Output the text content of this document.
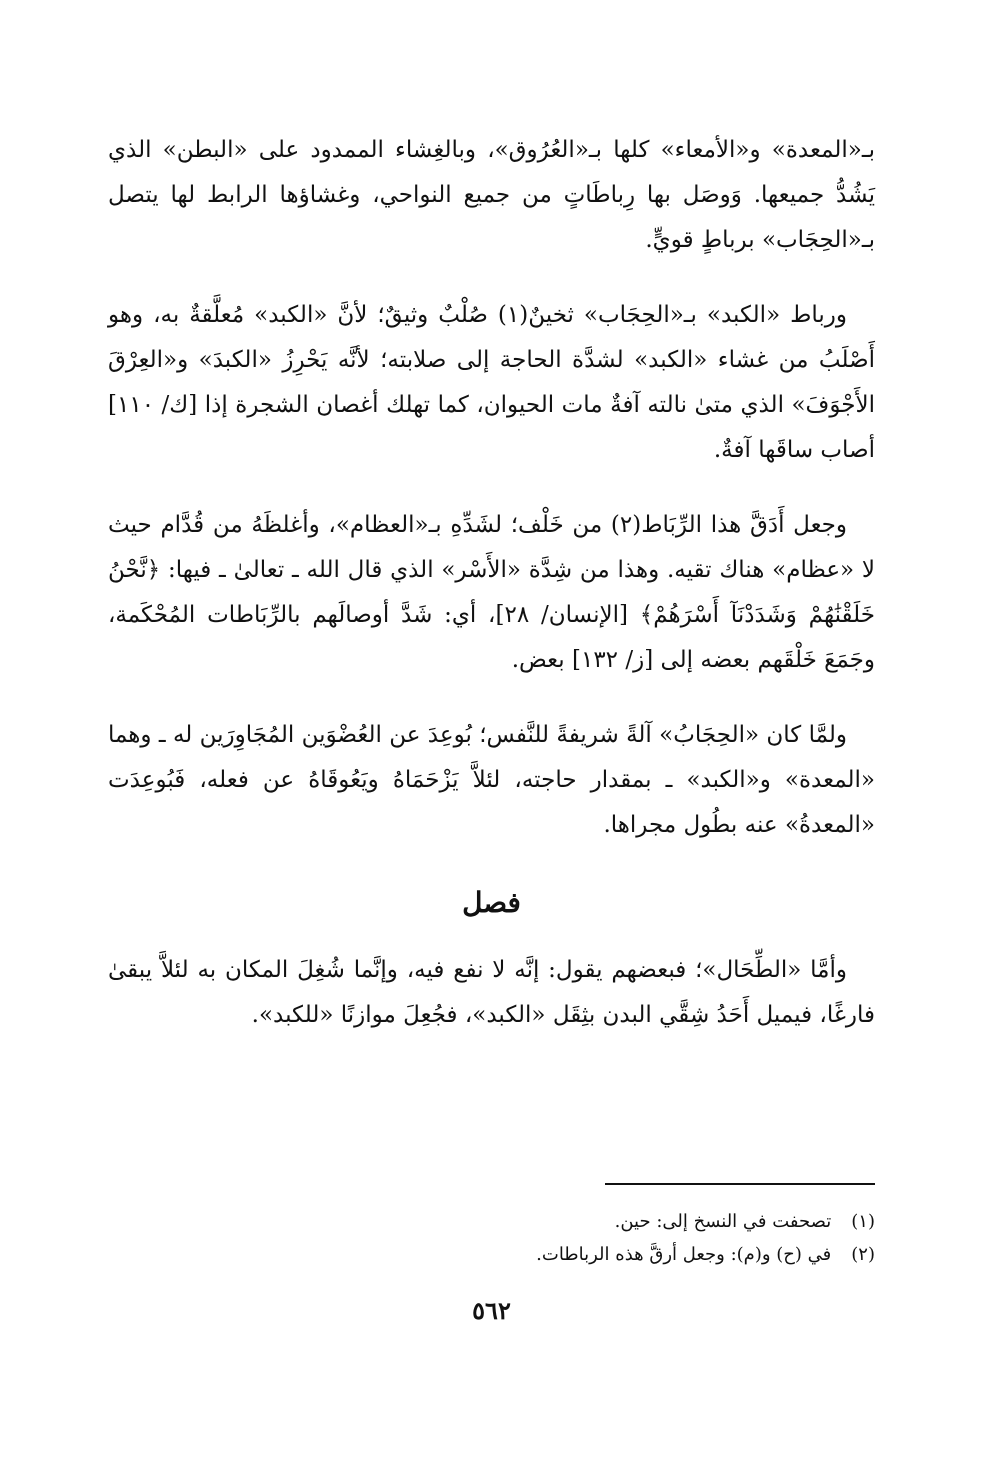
بـ«المعدة» و«الأمعاء» كلها بـ«العُرُوق»، وبالغِشاء الممدود على «البطن» الذي يَشُدُّ جميعها. وَوصَل بها رِباطَاتٍ من جميع النواحي، وغشاؤها الرابط لها يتصل بـ«الحِجَاب» برباطٍ قويٍّ.

ورباط «الكبد» بـ«الحِجَاب» ثخينٌ(١) صُلْبٌ وثيقٌ؛ لأنَّ «الكبد» مُعلَّقةٌ به، وهو أَصْلَبُ من غشاء «الكبد» لشدَّة الحاجة إلى صلابته؛ لأنَّه يَحْرِزُ «الكبدَ» و«العِرْقَ الأَجْوَفَ» الذي متىٰ نالته آفةٌ مات الحيوان، كما تهلك أغصان الشجرة إذا [ك/ ١١٠] أصاب ساقَها آفةٌ.

وجعل أَدَقَّ هذا الرِّبَاط(٢) من خَلْف؛ لشَدِّهِ بـ«العظام»، وأغلظَهُ من قُدَّام حيث لا «عظام» هناك تقيه. وهذا من شِدَّة «الأَسْر» الذي قال الله ـ تعالىٰ ـ فيها: ﴿نَّحْنُ خَلَقْنَٰهُمْ وَشَدَدْنَآ أَسْرَهُمْ﴾ [الإنسان/ ٢٨]، أي: شَدَّ أوصالَهم بالرِّبَاطات المُحْكَمة، وجَمَعَ خَلْقَهم بعضه إلى [ز/ ١٣٢] بعض.

ولمَّا كان «الحِجَابُ» آلةً شريفةً للنَّفس؛ بُوعِدَ عن العُضْوَين المُجَاوِرَين له ـ وهما «المعدة» و«الكبد» ـ بمقدار حاجته، لئلاَّ يَزْحَمَاهُ ويَعُوقَاهُ عن فعله، فَبُوعِدَت «المعدةُ» عنه بطُول مجراها.

فصل

وأمَّا «الطِّحَال»؛ فبعضهم يقول: إنَّه لا نفع فيه، وإنَّما شُغِلَ المكان به لئلاَّ يبقىٰ فارغًا، فيميل أَحَدُ شِقَّي البدن بثِقَل «الكبد»، فجُعِلَ موازنًا «للكبد».

(١) تصحفت في النسخ إلى: حين.

(٢) في (ح) و(م): وجعل أرقَّ هذه الرباطات.

٥٦٢
